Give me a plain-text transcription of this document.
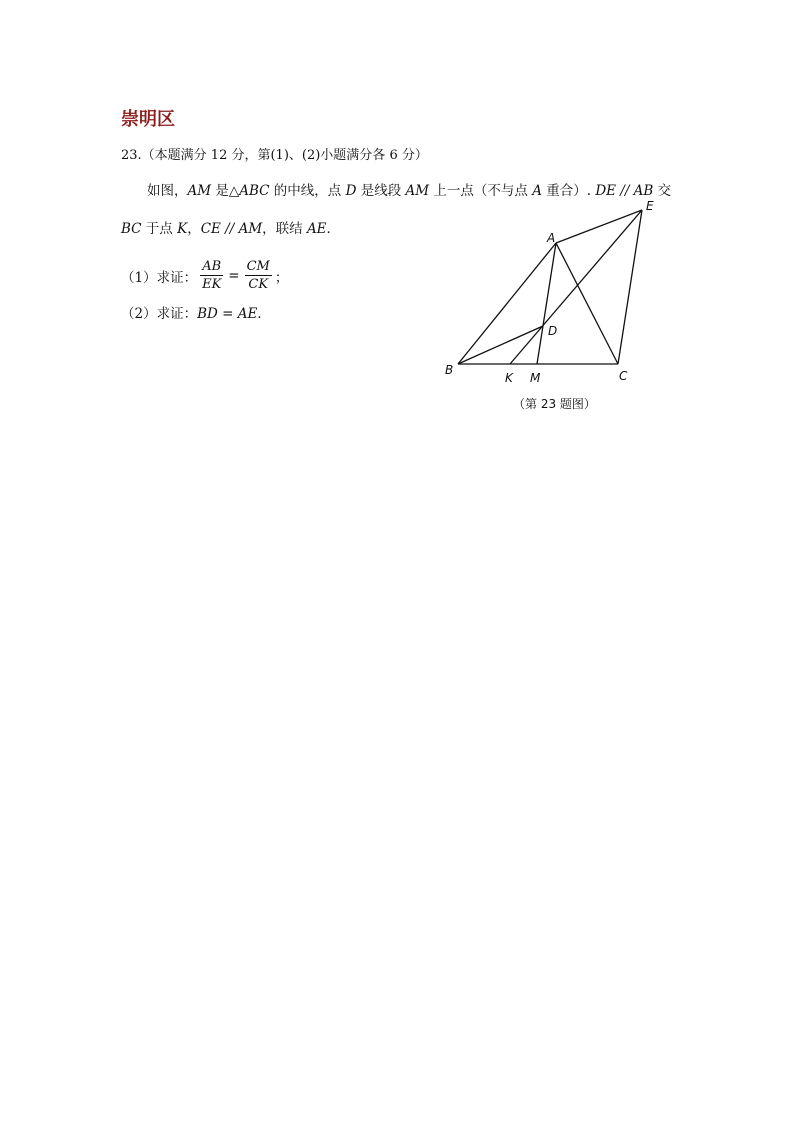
崇明区
23.（本题满分 12 分，第(1)、(2)小题满分各 6 分）
如图，AM 是△ABC 的中线，点 D 是线段 AM 上一点（不与点 A 重合）. DE // AB 交
BC 于点 K，CE // AM，联结 AE．
（1）求证： $\frac{AB}{EK} = \frac{CM}{CK}$ ；
（2）求证：BD = AE．
A
B	C
D
E
K M
（第 23 题图）
